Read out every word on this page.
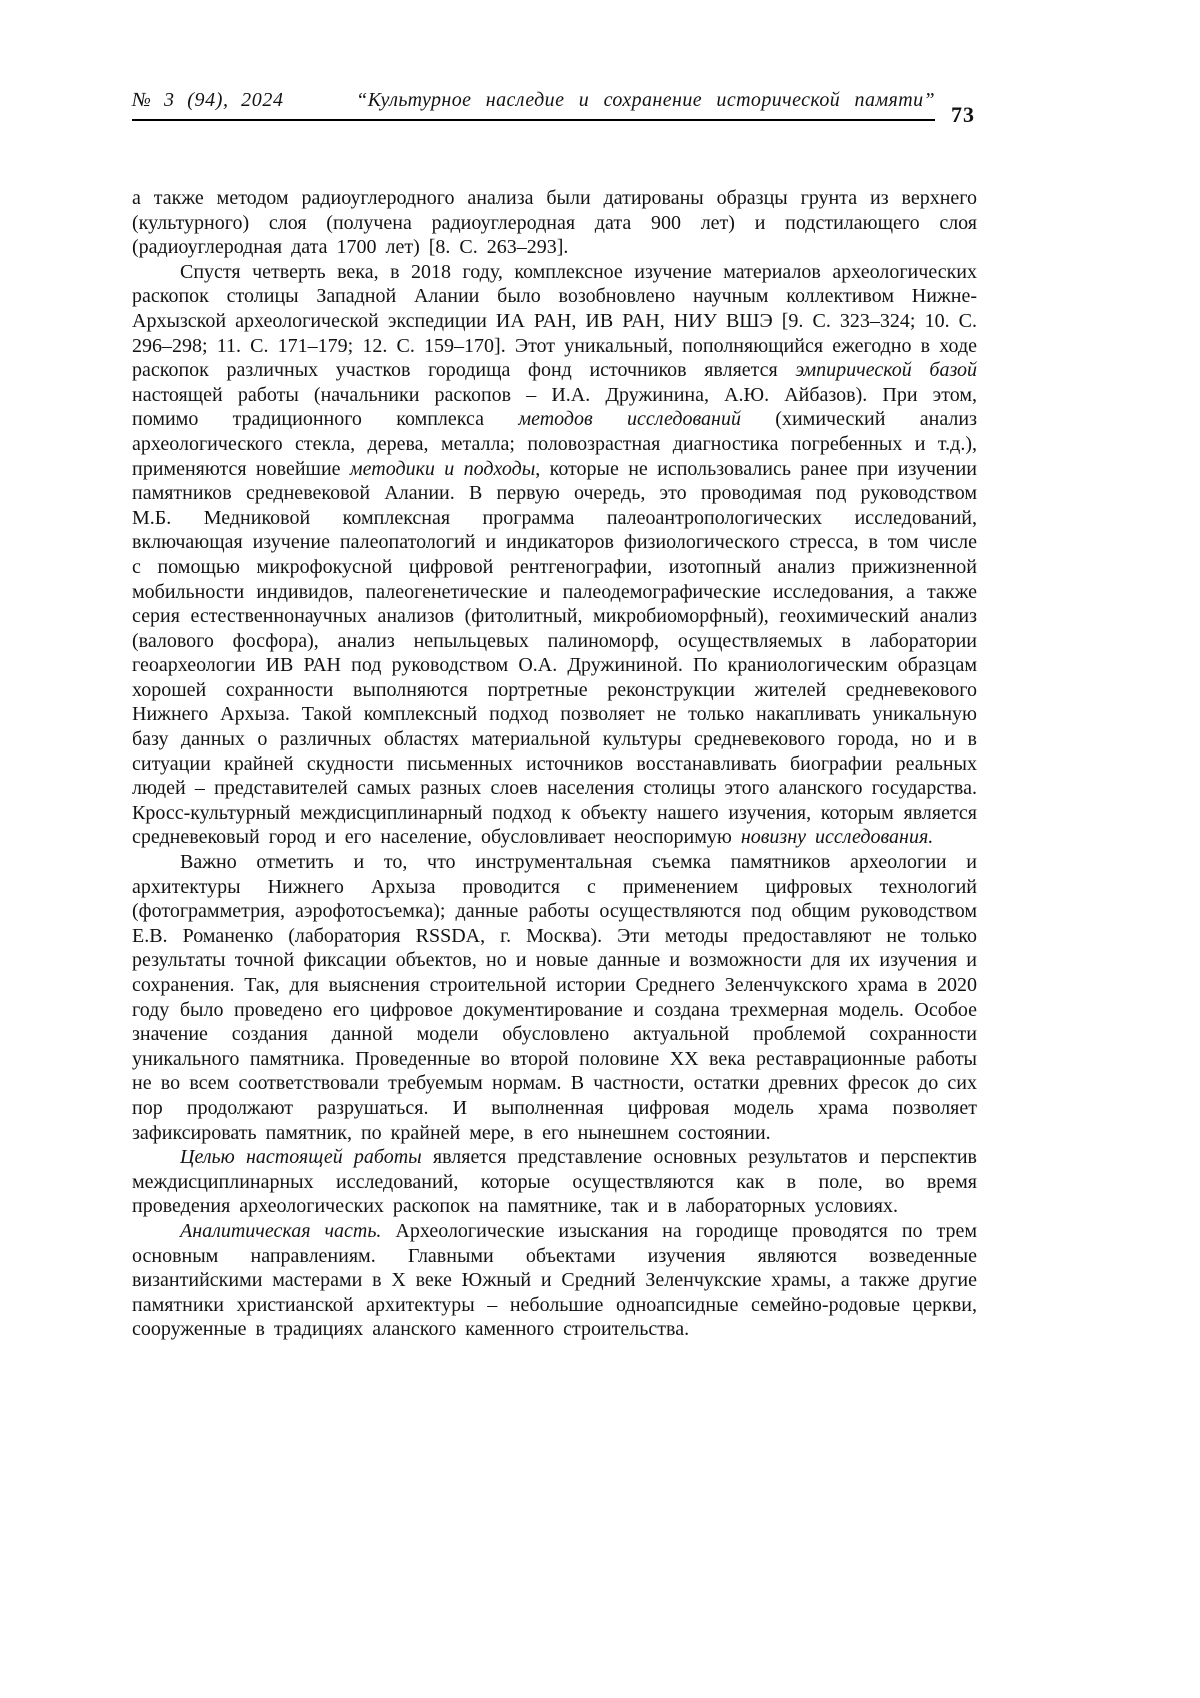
№ 3 (94), 2024	“Культурное наследие и сохранение исторической памяти”
73

а также методом радиоуглеродного анализа были датированы образцы грунта из верхнего (культурного) слоя (получена радиоуглеродная дата 900 лет) и подстилающего слоя (радиоуглеродная дата 1700 лет) [8. С. 263–293].

Спустя четверть века, в 2018 году, комплексное изучение материалов археологических раскопок столицы Западной Алании было возобновлено научным коллективом Нижне-Архызской археологической экспедиции ИА РАН, ИВ РАН, НИУ ВШЭ [9. С. 323–324; 10. С. 296–298; 11. С. 171–179; 12. С. 159–170]. Этот уникальный, пополняющийся ежегодно в ходе раскопок различных участков городища фонд источников является эмпирической базой настоящей работы (начальники раскопов – И.А. Дружинина, А.Ю. Айбазов). При этом, помимо традиционного комплекса методов исследований (химический анализ археологического стекла, дерева, металла; половозрастная диагностика погребенных и т.д.), применяются новейшие методики и подходы, которые не использовались ранее при изучении памятников средневековой Алании. В первую очередь, это проводимая под руководством М.Б. Медниковой комплексная программа палеоантропологических исследований, включающая изучение палеопатологий и индикаторов физиологического стресса, в том числе с помощью микрофокусной цифровой рентгенографии, изотопный анализ прижизненной мобильности индивидов, палеогенетические и палеодемографические исследования, а также серия естественнонаучных анализов (фитолитный, микробиоморфный), геохимический анализ (валового фосфора), анализ непыльцевых палиноморф, осуществляемых в лаборатории геоархеологии ИВ РАН под руководством О.А. Дружининой. По краниологическим образцам хорошей сохранности выполняются портретные реконструкции жителей средневекового Нижнего Архыза. Такой комплексный подход позволяет не только накапливать уникальную базу данных о различных областях материальной культуры средневекового города, но и в ситуации крайней скудности письменных источников восстанавливать биографии реальных людей – представителей самых разных слоев населения столицы этого аланского государства. Кросс-культурный междисциплинарный подход к объекту нашего изучения, которым является средневековый город и его население, обусловливает неоспоримую новизну исследования.

Важно отметить и то, что инструментальная съемка памятников археологии и архитектуры Нижнего Архыза проводится с применением цифровых технологий (фотограмметрия, аэрофотосъемка); данные работы осуществляются под общим руководством Е.В. Романенко (лаборатория RSSDA, г. Москва). Эти методы предоставляют не только результаты точной фиксации объектов, но и новые данные и возможности для их изучения и сохранения. Так, для выяснения строительной истории Среднего Зеленчукского храма в 2020 году было проведено его цифровое документирование и создана трехмерная модель. Особое значение создания данной модели обусловлено актуальной проблемой сохранности уникального памятника. Проведенные во второй половине XX века реставрационные работы не во всем соответствовали требуемым нормам. В частности, остатки древних фресок до сих пор продолжают разрушаться. И выполненная цифровая модель храма позволяет зафиксировать памятник, по крайней мере, в его нынешнем состоянии.

Целью настоящей работы является представление основных результатов и перспектив междисциплинарных исследований, которые осуществляются как в поле, во время проведения археологических раскопок на памятнике, так и в лабораторных условиях.

Аналитическая часть. Археологические изыскания на городище проводятся по трем основным направлениям. Главными объектами изучения являются возведенные византийскими мастерами в X веке Южный и Средний Зеленчукские храмы, а также другие памятники христианской архитектуры – небольшие одноапсидные семейно-родовые церкви, сооруженные в традициях аланского каменного строительства.
